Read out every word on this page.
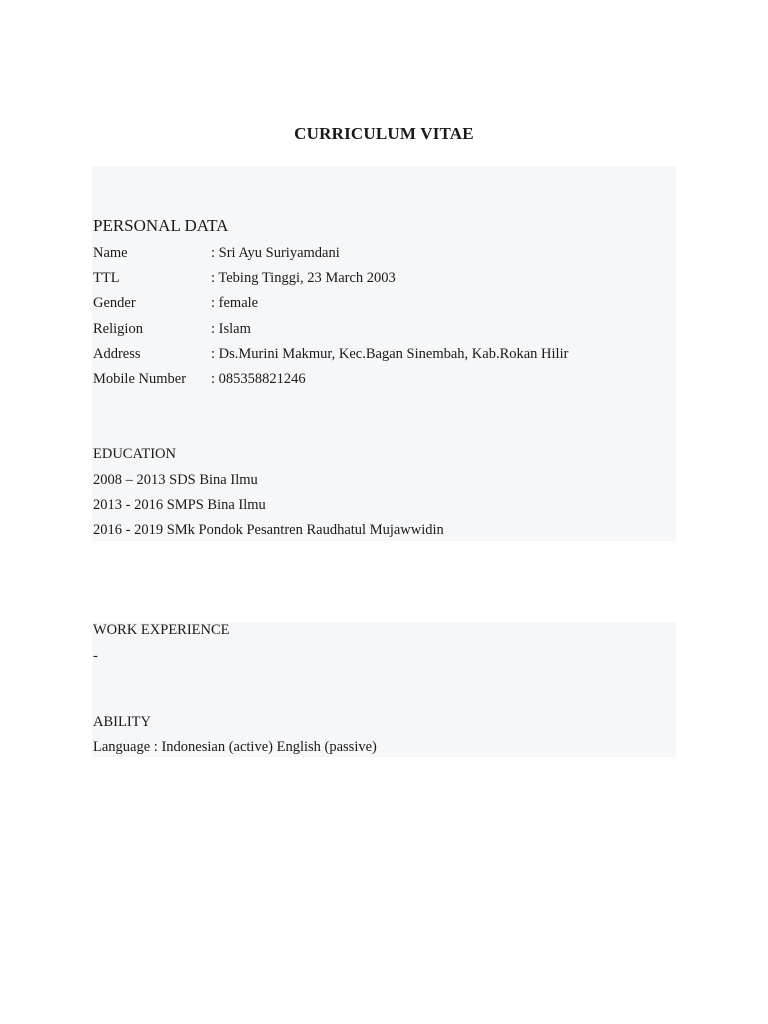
CURRICULUM VITAE
PERSONAL DATA
Name	: Sri Ayu Suriyamdani
TTL	: Tebing Tinggi, 23 March 2003
Gender	: female
Religion	: Islam
Address	: Ds.Murini Makmur, Kec.Bagan Sinembah, Kab.Rokan Hilir
Mobile Number : 085358821246
EDUCATION
2008 – 2013 SDS Bina Ilmu
2013 - 2016 SMPS Bina Ilmu
2016 - 2019 SMk Pondok Pesantren Raudhatul Mujawwidin
WORK EXPERIENCE
-
ABILITY
Language : Indonesian (active) English (passive)
